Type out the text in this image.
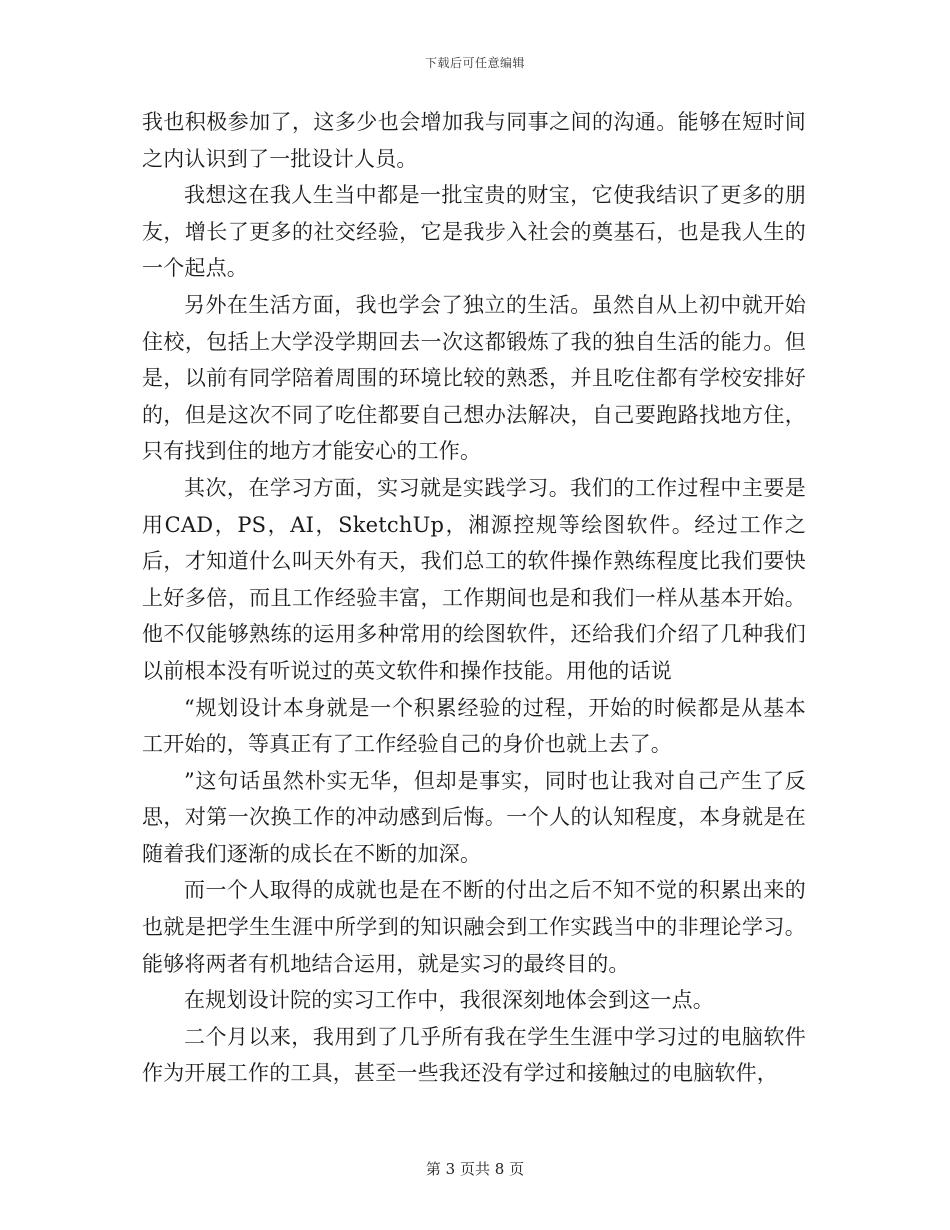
下载后可任意编辑

我也积极参加了，这多少也会增加我与同事之间的沟通。能够在短时间之内认识到了一批设计人员。

我想这在我人生当中都是一批宝贵的财宝，它使我结识了更多的朋友，增长了更多的社交经验，它是我步入社会的奠基石，也是我人生的一个起点。

另外在生活方面，我也学会了独立的生活。虽然自从上初中就开始住校，包括上大学没学期回去一次这都锻炼了我的独自生活的能力。但是，以前有同学陪着周围的环境比较的熟悉，并且吃住都有学校安排好的，但是这次不同了吃住都要自己想办法解决，自己要跑路找地方住，只有找到住的地方才能安心的工作。

其次，在学习方面，实习就是实践学习。我们的工作过程中主要是用CAD，PS，AI，SketchUp，湘源控规等绘图软件。经过工作之后，才知道什么叫天外有天，我们总工的软件操作熟练程度比我们要快上好多倍，而且工作经验丰富，工作期间也是和我们一样从基本开始。他不仅能够熟练的运用多种常用的绘图软件，还给我们介绍了几种我们以前根本没有听说过的英文软件和操作技能。用他的话说

“规划设计本身就是一个积累经验的过程，开始的时候都是从基本工开始的，等真正有了工作经验自己的身价也就上去了。

”这句话虽然朴实无华，但却是事实，同时也让我对自己产生了反思，对第一次换工作的冲动感到后悔。一个人的认知程度，本身就是在随着我们逐渐的成长在不断的加深。

而一个人取得的成就也是在不断的付出之后不知不觉的积累出来的也就是把学生生涯中所学到的知识融会到工作实践当中的非理论学习。能够将两者有机地结合运用，就是实习的最终目的。

在规划设计院的实习工作中，我很深刻地体会到这一点。

二个月以来，我用到了几乎所有我在学生生涯中学习过的电脑软件作为开展工作的工具，甚至一些我还没有学过和接触过的电脑软件，

第 3 页共 8 页
